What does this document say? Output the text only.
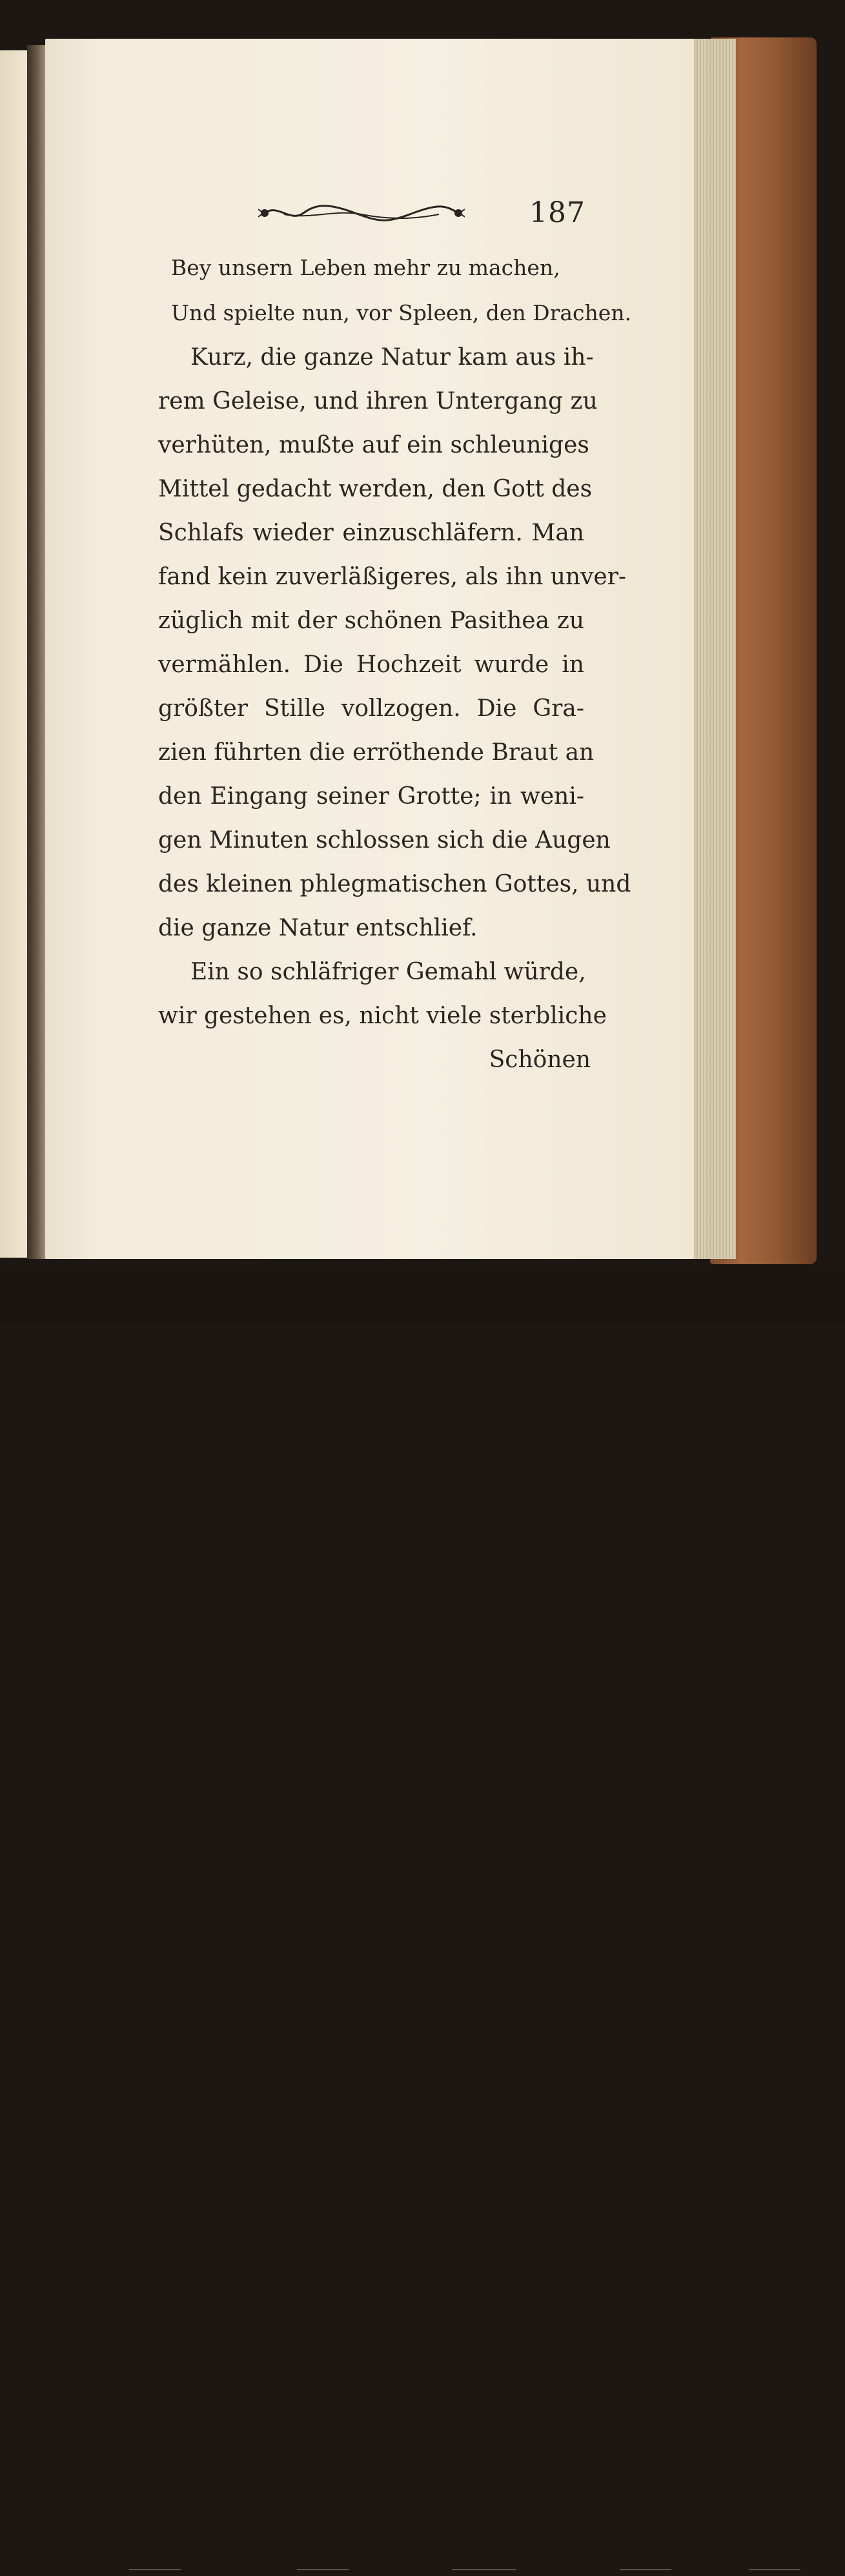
187
Bey unsern Leben mehr zu machen,
Und spielte nun, vor Spleen, den Drachen.
Kurz, die ganze Natur kam aus ih-
rem Geleise, und ihren Untergang zu
verhüten, mußte auf ein schleuniges
Mittel gedacht werden, den Gott des
Schlafs wieder einzuschläfern. Man
fand kein zuverläßigeres, als ihn unver-
züglich mit der schönen Pasithea zu
vermählen. Die Hochzeit wurde in
größter Stille vollzogen. Die Gra-
zien führten die erröthende Braut an
den Eingang seiner Grotte; in weni-
gen Minuten schlossen sich die Augen
des kleinen phlegmatischen Gottes, und
die ganze Natur entschlief.
Ein so schläfriger Gemahl würde,
wir gestehen es, nicht viele sterbliche
Schönen
